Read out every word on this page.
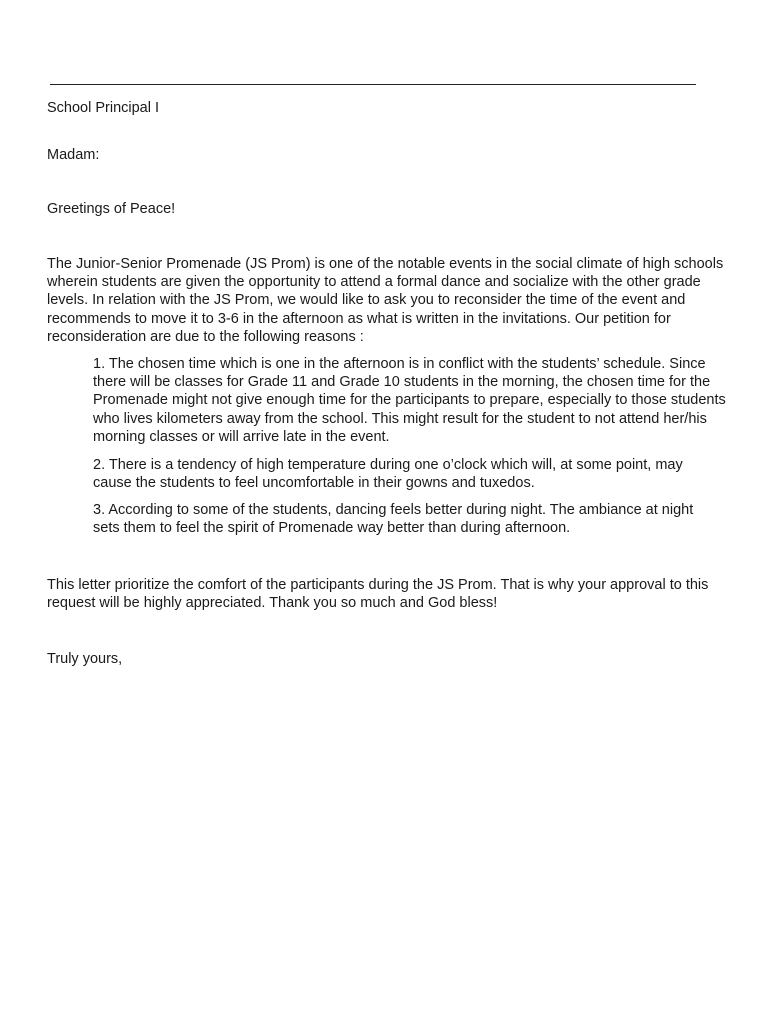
School Principal I

Madam:

Greetings of Peace!

The Junior-Senior Promenade (JS Prom) is one of the notable events in the social climate of high schools wherein students are given the opportunity to attend a formal dance and socialize with the other grade levels. In relation with the JS Prom, we would like to ask you to reconsider the time of the event and recommends to move it to 3-6 in the afternoon as what is written in the invitations. Our petition for reconsideration are due to the following reasons :

1. The chosen time which is one in the afternoon is in conflict with the students’ schedule. Since there will be classes for Grade 11 and Grade 10 students in the morning, the chosen time for the Promenade might not give enough time for the participants to prepare, especially to those students who lives kilometers away from the school. This might result for the student to not attend her/his morning classes or will arrive late in the event.
2. There is a tendency of high temperature during one o’clock which will, at some point, may cause the students to feel uncomfortable in their gowns and tuxedos.
3. According to some of the students, dancing feels better during night. The ambiance at night sets them to feel the spirit of Promenade way better than during afternoon.

This letter prioritize the comfort of the participants during the JS Prom. That is why your approval to this request will be highly appreciated. Thank you so much and God bless!

Truly yours,
